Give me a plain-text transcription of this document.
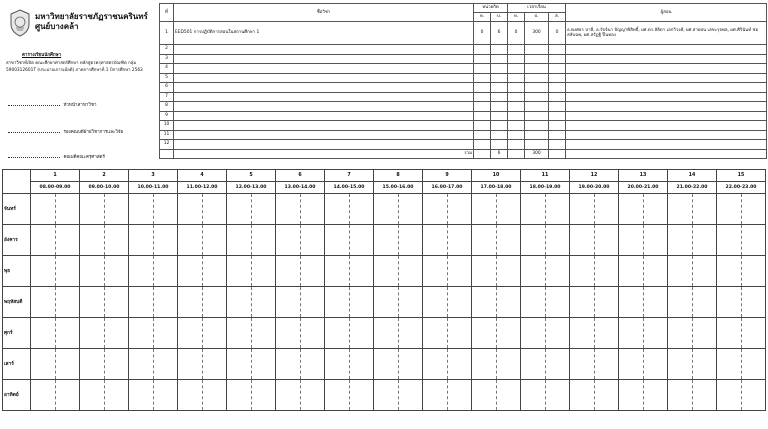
มหาวิทยาลัยราชภัฏราชนครินทร์
ศูนย์บางคล้า
ตารางเรียนนักศึกษา
สาขาวิชาที่เปิด คณะศึกษาศาสตร์ศึกษา หลักสูตรครุศาสตรบัณฑิต กลุ่ม 5900312601T (ประมาณการเมียดี) ภาคการศึกษาที่ 1 ปีการศึกษา 2563
หัวหน้าสาขาวิชา
รองคณบดีฝ่ายวิชาการและวิจัย
คณบดีคณะครุศาสตร์
ที่	ชื่อวิชา	หน่วยกิต		เวลาเรียน			ผู้สอน
		ท.	ป.	ท.	ป.	ส.	
1	EED501 การปฏิบัติการสอนในสถานศึกษา 1	0	6	0	300	0	อ.พงศธร ปาลี, อ.รัจจ์นา ปัญญาพิสิทธิ์, ผศ.ดร.ลัลิดา เอกวิวงศ์, ผศ.สายฝน เลขะรุจพล, ผศ.ศิรินันท์ ช่อสลับฉพ, ผศ.สรัฏฐิ ปืนทอง
2							
3							
4							
5							
6							
7							
8							
9							
10							
11							
12							
	รวม		6		300		
	1	2	3	4	5	6	7	8	9	10	11	12	13	14	15
	08.00-09.00	09.00-10.00	10.00-11.00	11.00-12.00	12.00-13.00	13.00-14.00	14.00-15.00	15.00-16.00	16.00-17.00	17.00-18.00	18.00-19.00	19.00-20.00	20.00-21.00	21.00-22.00	22.00-23.00
จันทร์															
อังคาร															
พุธ															
พฤหัสบดี															
ศุกร์															
เสาร์															
อาทิตย์															
